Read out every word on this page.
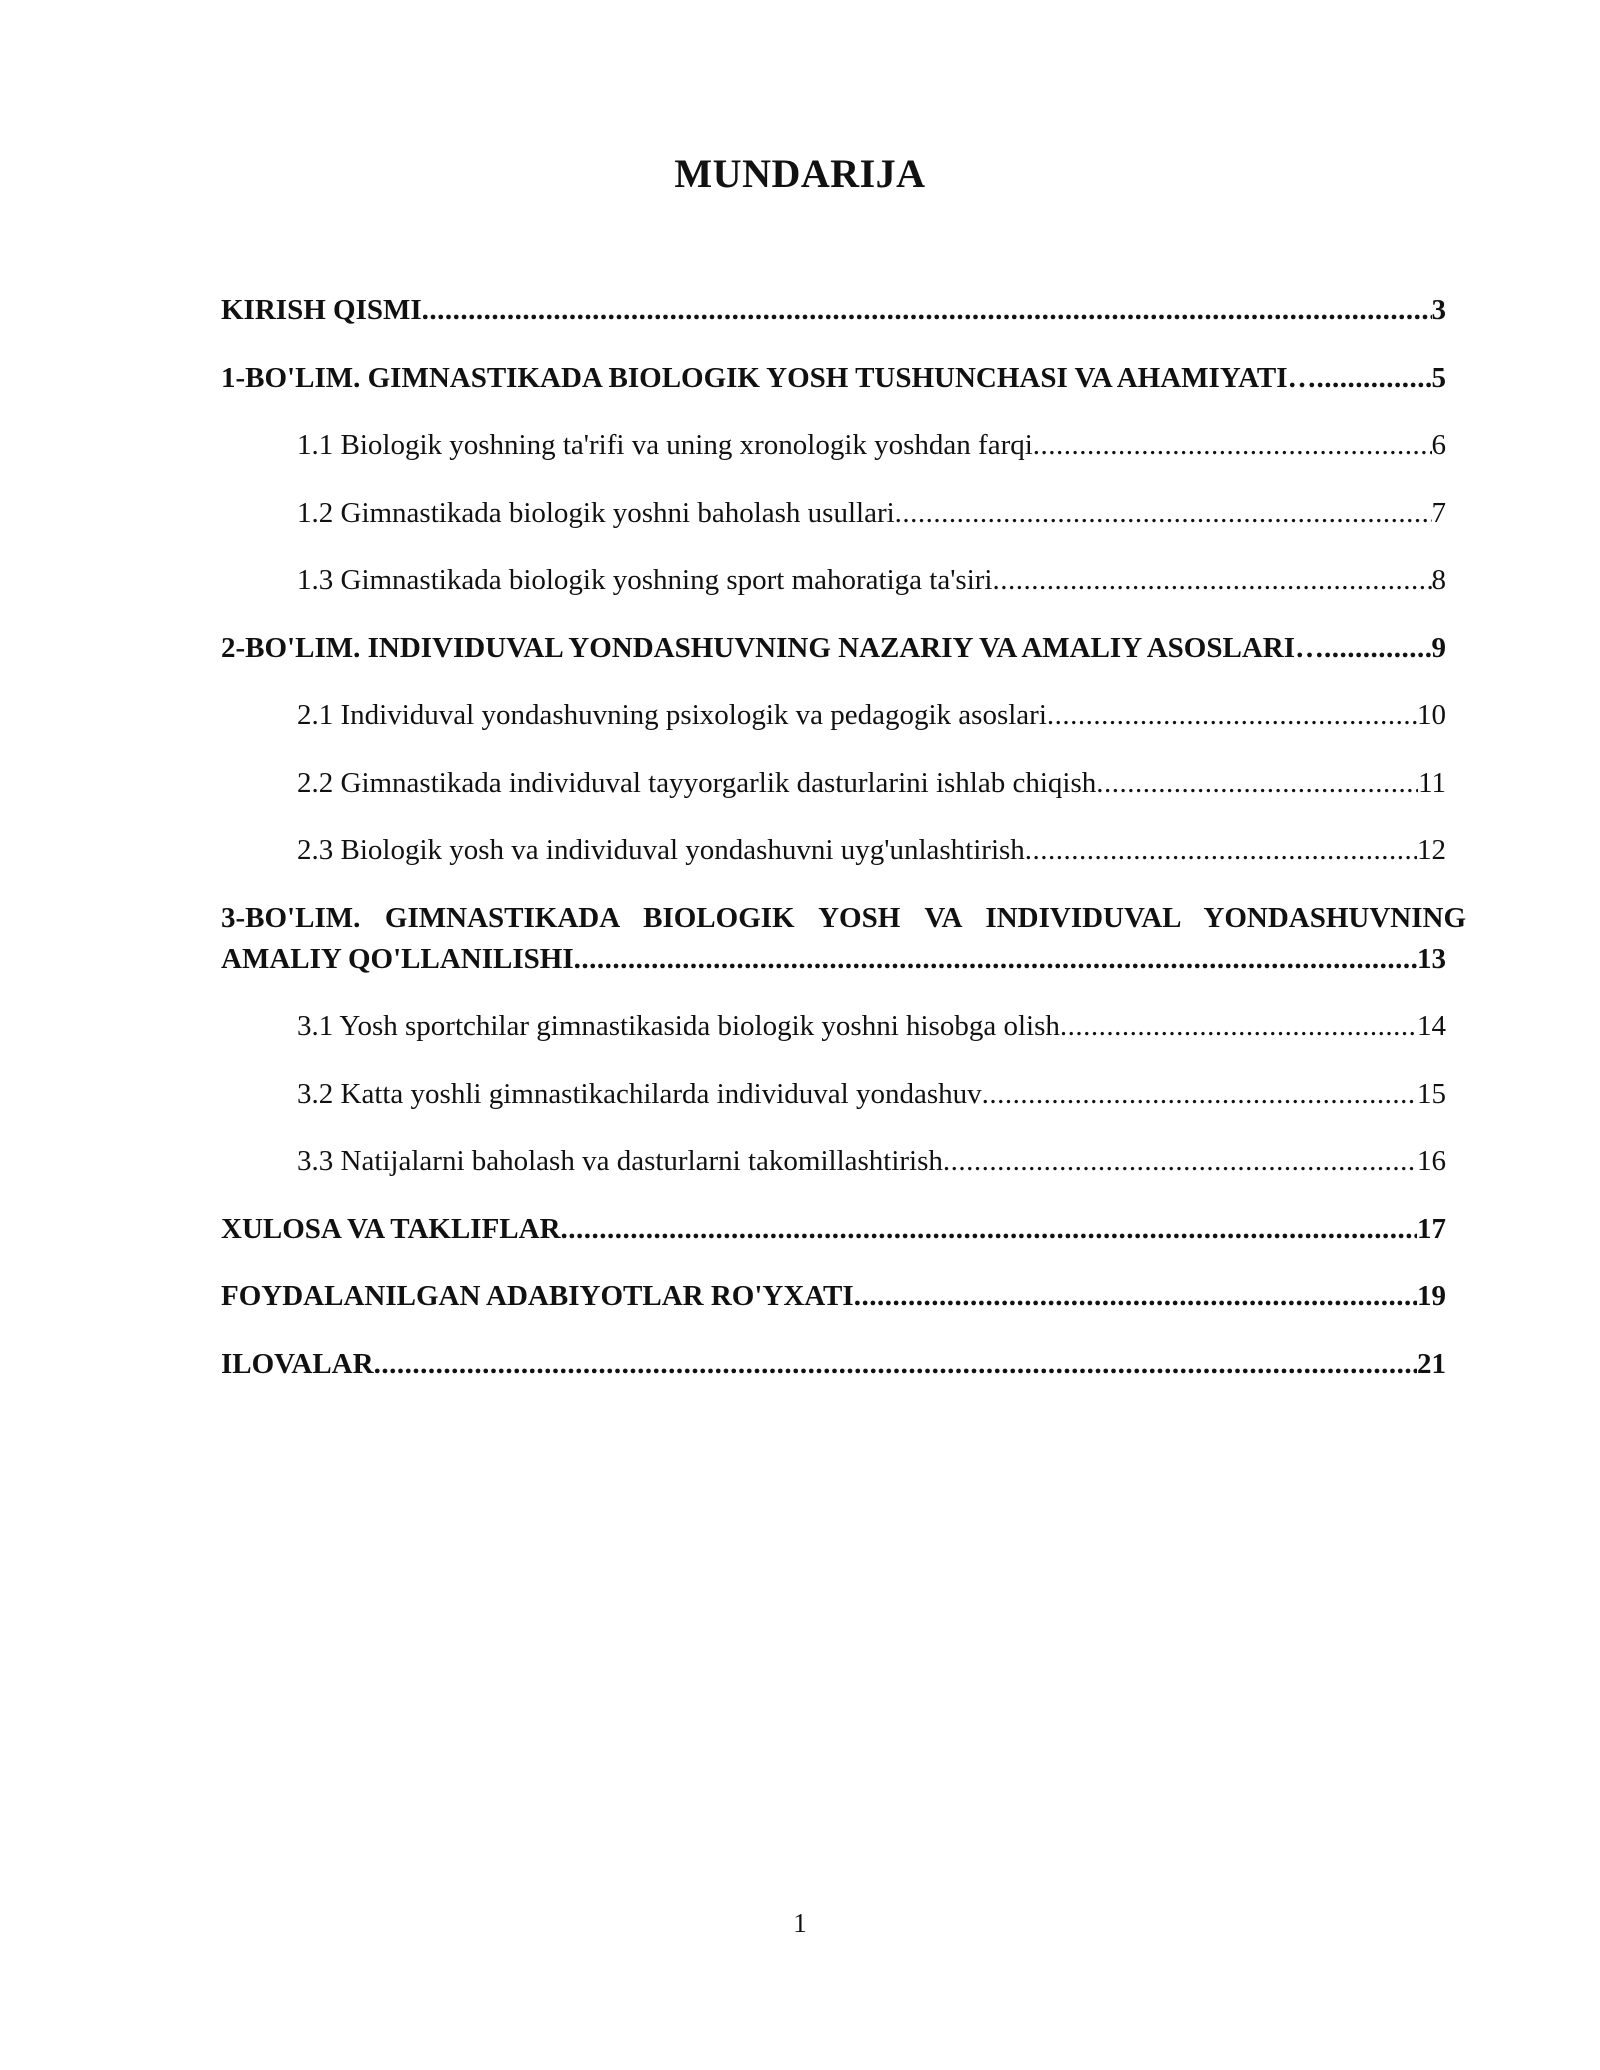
MUNDARIJA
KIRISH QISMI .....	3
1-BO'LIM. GIMNASTIKADA BIOLOGIK YOSH TUSHUNCHASI VA AHAMIYATI… .....	5
1.1 Biologik yoshning ta'rifi va uning xronologik yoshdan farqi .....	6
1.2 Gimnastikada biologik yoshni baholash usullari .....	7
1.3 Gimnastikada biologik yoshning sport mahoratiga ta'siri .....	8
2-BO'LIM. INDIVIDUVAL YONDASHUVNING NAZARIY VA AMALIY ASOSLARI… .....	9
2.1 Individuval yondashuvning psixologik va pedagogik asoslari .....	10
2.2 Gimnastikada individuval tayyorgarlik dasturlarini ishlab chiqish .....	11
2.3 Biologik yosh va individuval yondashuvni uyg'unlashtirish .....	12
3-BO'LIM. GIMNASTIKADA BIOLOGIK YOSH VA INDIVIDUVAL YONDASHUVNING
AMALIY QO'LLANILISHI .....	13
3.1 Yosh sportchilar gimnastikasida biologik yoshni hisobga olish .....	14
3.2 Katta yoshli gimnastikachilarda individuval yondashuv .....	15
3.3 Natijalarni baholash va dasturlarni takomillashtirish .....	16
XULOSA VA TAKLIFLAR .....	17
FOYDALANILGAN ADABIYOTLAR RO'YXATI .....	19
ILOVALAR .....	21
1
